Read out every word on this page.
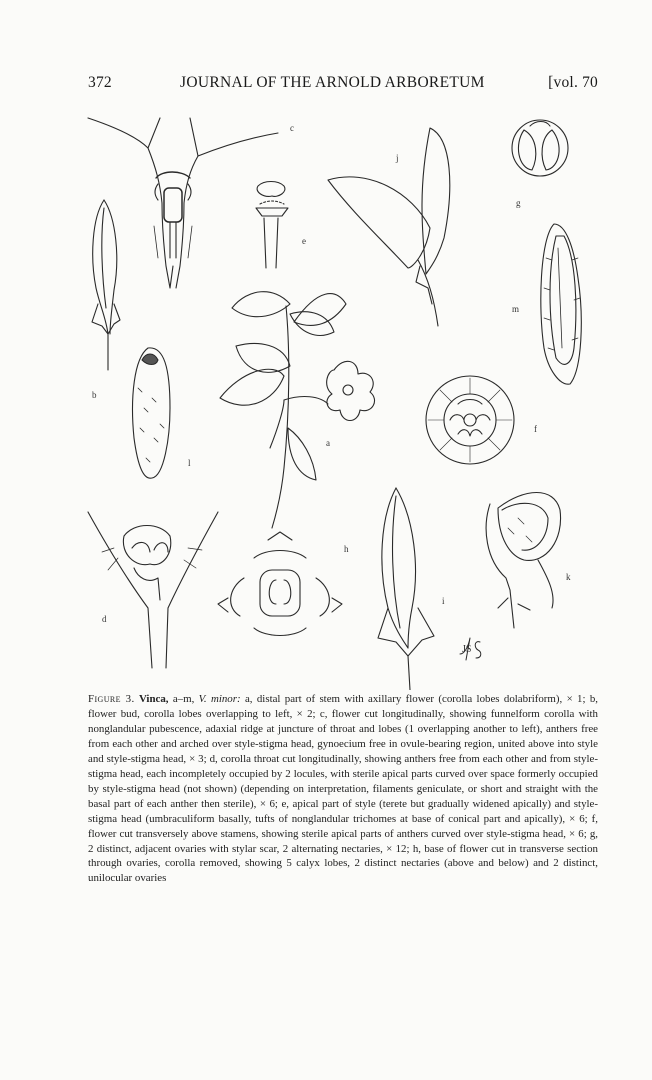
372	JOURNAL OF THE ARNOLD ARBORETUM	[vol. 70
c
e
j
g
m
b
l
a
f
h
k
d
i
JS
Figure 3. Vinca, a–m, V. minor: a, distal part of stem with axillary flower (corolla lobes dolabriform), × 1; b, flower bud, corolla lobes overlapping to left, × 2; c, flower cut longitudinally, showing funnelform corolla with nonglandular pubescence, adaxial ridge at juncture of throat and lobes (1 overlapping another to left), anthers free from each other and arched over style-stigma head, gynoecium free in ovule-bearing region, united above into style and style-stigma head, × 3; d, corolla throat cut longitudinally, showing anthers free from each other and from style-stigma head, each incompletely occupied by 2 locules, with sterile apical parts curved over space formerly occupied by style-stigma head (not shown) (depending on interpretation, filaments geniculate, or short and straight with the basal part of each anther then sterile), × 6; e, apical part of style (terete but gradually widened apically) and style-stigma head (umbraculiform basally, tufts of nonglandular trichomes at base of conical part and apically), × 6; f, flower cut transversely above stamens, showing sterile apical parts of anthers curved over style-stigma head, × 6; g, 2 distinct, adjacent ovaries with stylar scar, 2 alternating nectaries, × 12; h, base of flower cut in transverse section through ovaries, corolla removed, showing 5 calyx lobes, 2 distinct nectaries (above and below) and 2 distinct, unilocular ovaries
